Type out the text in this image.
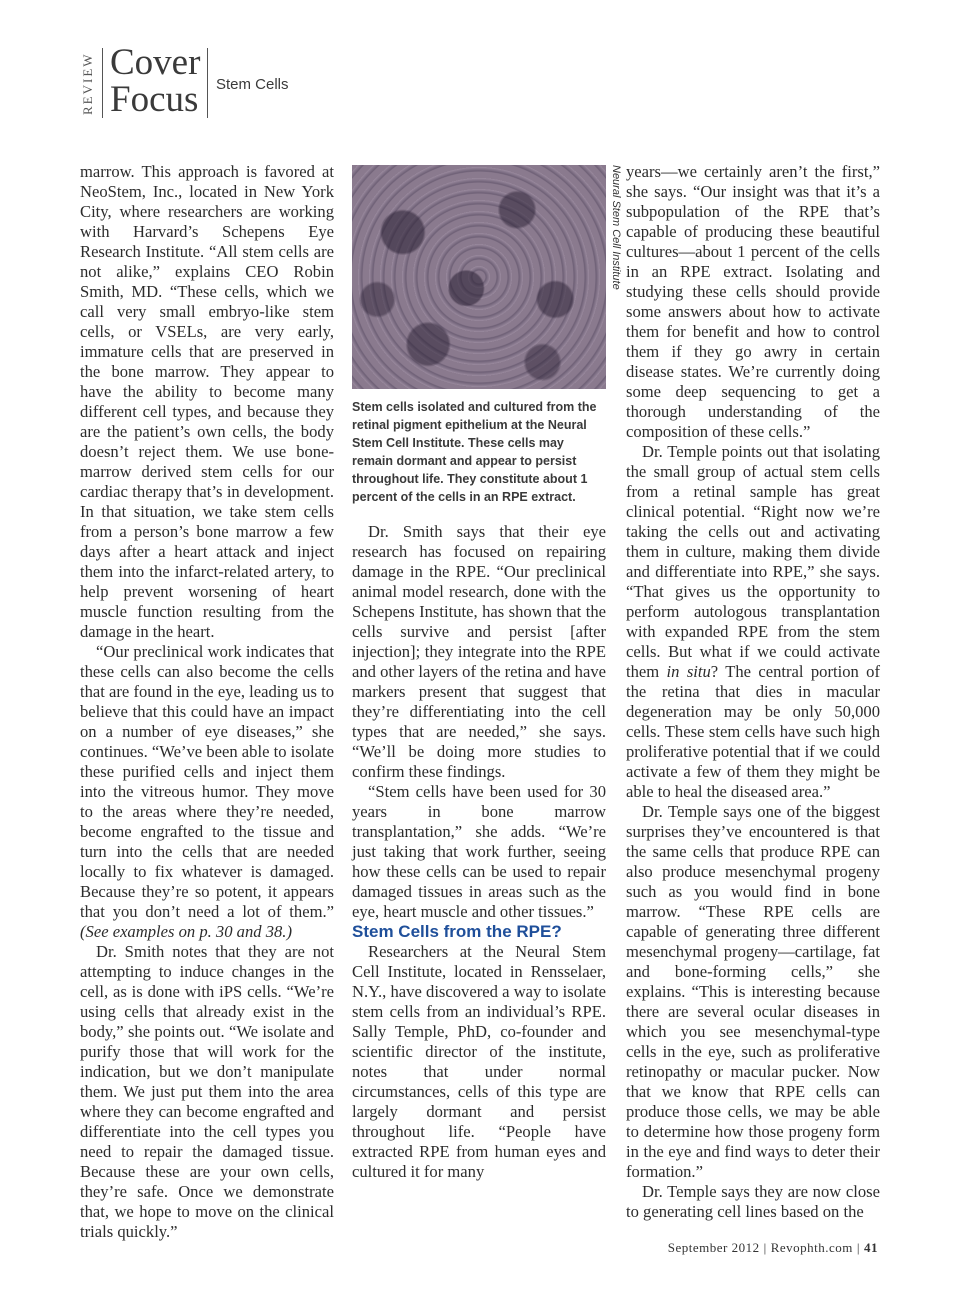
REVIEW Cover
Focus Stem Cells

marrow. This approach is favored at NeoStem, Inc., located in New York City, where researchers are working with Harvard’s Schepens Eye Research Institute. “All stem cells are not alike,” explains CEO Robin Smith, MD. “These cells, which we call very small embryo-like stem cells, or VSELs, are very early, immature cells that are preserved in the bone marrow. They appear to have the ability to become many different cell types, and because they are the patient’s own cells, the body doesn’t reject them. We use bone-marrow derived stem cells for our cardiac therapy that’s in development. In that situation, we take stem cells from a person’s bone marrow a few days after a heart attack and inject them into the infarct-related artery, to help prevent worsening of heart muscle function resulting from the damage in the heart.

“Our preclinical work indicates that these cells can also become the cells that are found in the eye, leading us to believe that this could have an impact on a number of eye diseases,” she continues. “We’ve been able to isolate these purified cells and inject them into the vitreous humor. They move to the areas where they’re needed, become engrafted to the tissue and turn into the cells that are needed locally to fix whatever is damaged. Because they’re so potent, it appears that you don’t need a lot of them.” (See examples on p. 30 and 38.)

Dr. Smith notes that they are not attempting to induce changes in the cell, as is done with iPS cells. “We’re using cells that already exist in the body,” she points out. “We isolate and purify those that will work for the indication, but we don’t manipulate them. We just put them into the area where they can become engrafted and differentiate into the cell types you need to repair the damaged tissue. Because these are your own cells, they’re safe. Once we demonstrate that, we hope to move on the clinical trials quickly.”

Neural Stem Cell Institute
Stem cells isolated and cultured from the retinal pigment epithelium at the Neural Stem Cell Institute. These cells may remain dormant and appear to persist throughout life. They constitute about 1 percent of the cells in an RPE extract.

Dr. Smith says that their eye research has focused on repairing damage in the RPE. “Our preclinical animal model research, done with the Schepens Institute, has shown that the cells survive and persist [after injection]; they integrate into the RPE and other layers of the retina and have markers present that suggest that they’re differentiating into the cell types that are needed,” she says. “We’ll be doing more studies to confirm these findings.

“Stem cells have been used for 30 years in bone marrow transplantation,” she adds. “We’re just taking that work further, seeing how these cells can be used to repair damaged tissues in areas such as the eye, heart muscle and other tissues.”

Stem Cells from the RPE?

Researchers at the Neural Stem Cell Institute, located in Rensselaer, N.Y., have discovered a way to isolate stem cells from an individual’s RPE. Sally Temple, PhD, co-founder and scientific director of the institute, notes that under normal circumstances, cells of this type are largely dormant and persist throughout life. “People have extracted RPE from human eyes and cultured it for many

years—we certainly aren’t the first,” she says. “Our insight was that it’s a subpopulation of the RPE that’s capable of producing these beautiful cultures—about 1 percent of the cells in an RPE extract. Isolating and studying these cells should provide some answers about how to activate them for benefit and how to control them if they go awry in certain disease states. We’re currently doing some deep sequencing to get a thorough understanding of the composition of these cells.”

Dr. Temple points out that isolating the small group of actual stem cells from a retinal sample has great clinical potential. “Right now we’re taking the cells out and activating them in culture, making them divide and differentiate into RPE,” she says. “That gives us the opportunity to perform autologous transplantation with expanded RPE from the stem cells. But what if we could activate them in situ? The central portion of the retina that dies in macular degeneration may be only 50,000 cells. These stem cells have such high proliferative potential that if we could activate a few of them they might be able to heal the diseased area.”

Dr. Temple says one of the biggest surprises they’ve encountered is that the same cells that produce RPE can also produce mesenchymal progeny such as you would find in bone marrow. “These RPE cells are capable of generating three different mesenchymal progeny—cartilage, fat and bone-forming cells,” she explains. “This is interesting because there are several ocular diseases in which you see mesenchymal-type cells in the eye, such as proliferative retinopathy or macular pucker. Now that we know that RPE cells can produce those cells, we may be able to determine how those progeny form in the eye and find ways to deter their formation.”

Dr. Temple says they are now close to generating cell lines based on the

September 2012 | Revophth.com | 41
